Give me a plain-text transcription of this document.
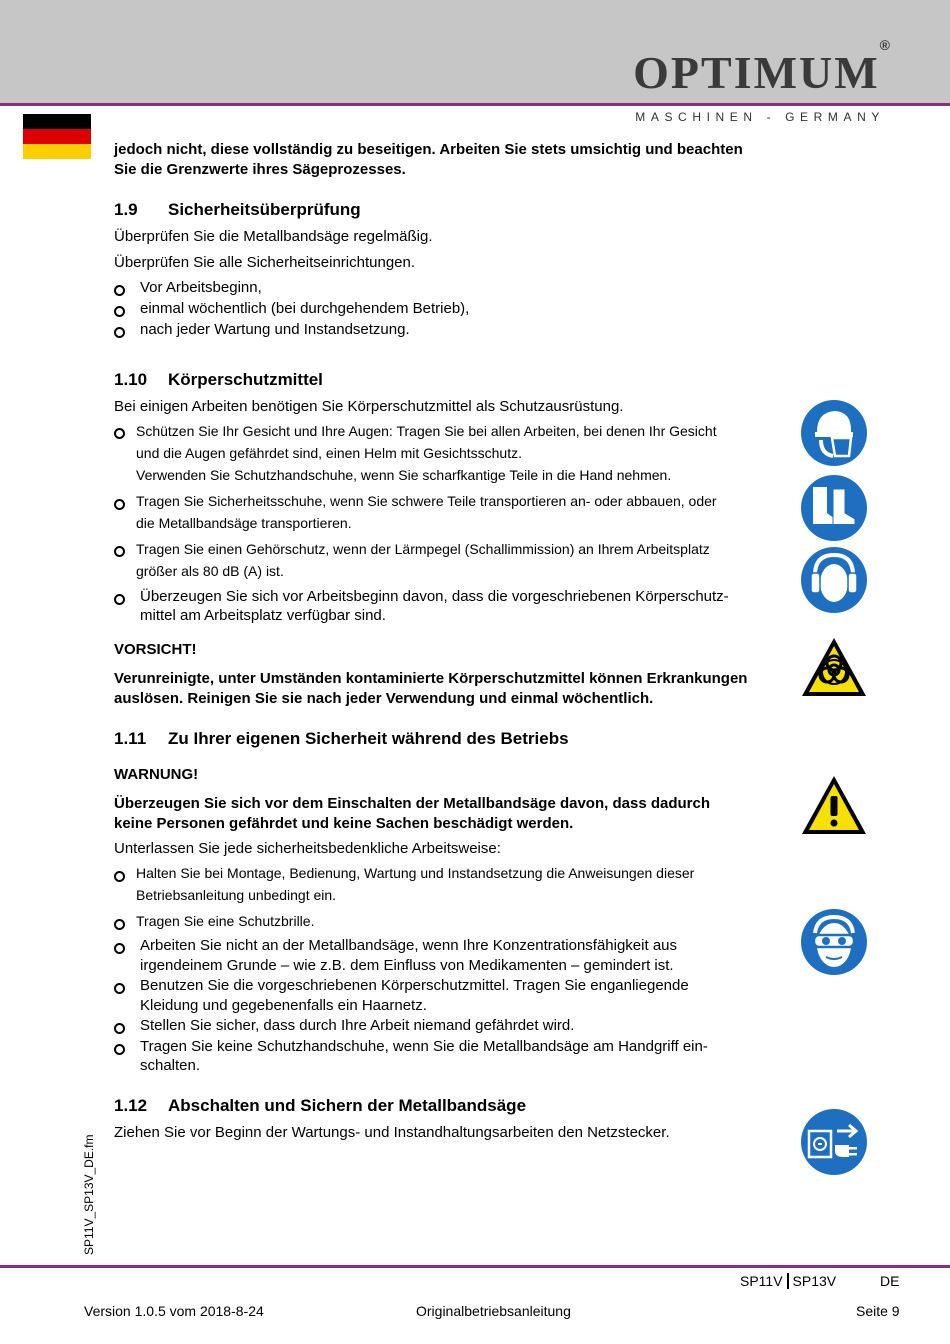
OPTIMUM®
MASCHINEN - GERMANY
jedoch nicht, diese vollständig zu beseitigen. Arbeiten Sie stets umsichtig und beachten
Sie die Grenzwerte ihres Sägeprozesses.
1.9 Sicherheitsüberprüfung
Überprüfen Sie die Metallbandsäge regelmäßig.
Überprüfen Sie alle Sicherheitseinrichtungen.
Vor Arbeitsbeginn,
einmal wöchentlich (bei durchgehendem Betrieb),
nach jeder Wartung und Instandsetzung.
1.10 Körperschutzmittel
Bei einigen Arbeiten benötigen Sie Körperschutzmittel als Schutzausrüstung.
Schützen Sie Ihr Gesicht und Ihre Augen: Tragen Sie bei allen Arbeiten, bei denen Ihr Gesicht
und die Augen gefährdet sind, einen Helm mit Gesichtsschutz.
Verwenden Sie Schutzhandschuhe, wenn Sie scharfkantige Teile in die Hand nehmen.
Tragen Sie Sicherheitsschuhe, wenn Sie schwere Teile transportieren an- oder abbauen, oder
die Metallbandsäge transportieren.
Tragen Sie einen Gehörschutz, wenn der Lärmpegel (Schallimmission) an Ihrem Arbeitsplatz
größer als 80 dB (A) ist.
Überzeugen Sie sich vor Arbeitsbeginn davon, dass die vorgeschriebenen Körperschutz-
mittel am Arbeitsplatz verfügbar sind.
VORSICHT!
Verunreinigte, unter Umständen kontaminierte Körperschutzmittel können Erkrankungen
auslösen. Reinigen Sie sie nach jeder Verwendung und einmal wöchentlich.
1.11 Zu Ihrer eigenen Sicherheit während des Betriebs
WARNUNG!
Überzeugen Sie sich vor dem Einschalten der Metallbandsäge davon, dass dadurch
keine Personen gefährdet und keine Sachen beschädigt werden.
Unterlassen Sie jede sicherheitsbedenkliche Arbeitsweise:
Halten Sie bei Montage, Bedienung, Wartung und Instandsetzung die Anweisungen dieser
Betriebsanleitung unbedingt ein.
Tragen Sie eine Schutzbrille.
Arbeiten Sie nicht an der Metallbandsäge, wenn Ihre Konzentrationsfähigkeit aus
irgendeinem Grunde – wie z.B. dem Einfluss von Medikamenten – gemindert ist.
Benutzen Sie die vorgeschriebenen Körperschutzmittel. Tragen Sie enganliegende
Kleidung und gegebenenfalls ein Haarnetz.
Stellen Sie sicher, dass durch Ihre Arbeit niemand gefährdet wird.
Tragen Sie keine Schutzhandschuhe, wenn Sie die Metallbandsäge am Handgriff ein-
schalten.
1.12 Abschalten und Sichern der Metallbandsäge
Ziehen Sie vor Beginn der Wartungs- und Instandhaltungsarbeiten den Netzstecker.
SP11V_SP13V_DE.fm
SP11V SP13V	DE
Version 1.0.5 vom 2018-8-24	Originalbetriebsanleitung	Seite 9
